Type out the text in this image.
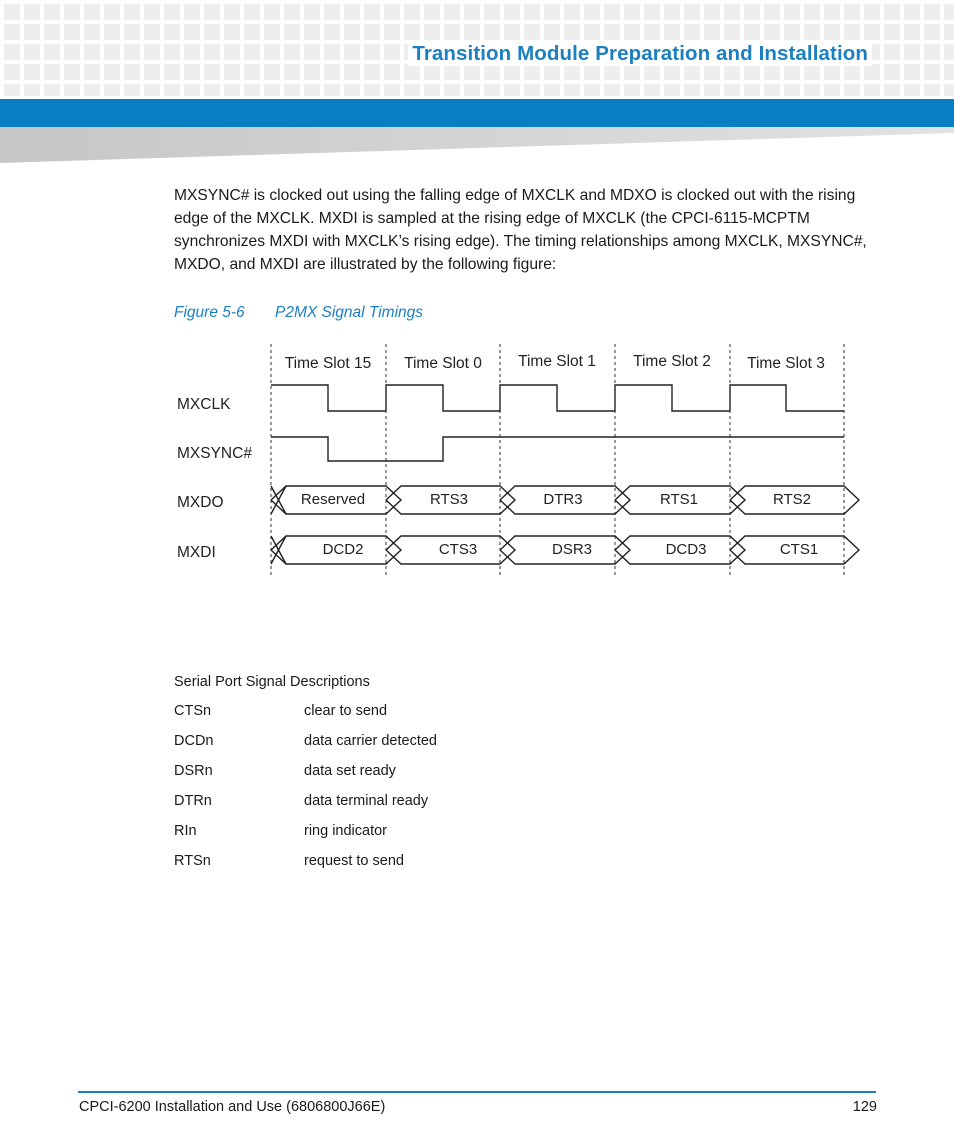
Transition Module Preparation and Installation
MXSYNC# is clocked out using the falling edge of MXCLK and MDXO is clocked out with the rising edge of the MXCLK. MXDI is sampled at the rising edge of MXCLK (the CPCI-6115-MCPTM synchronizes MXDI with MXCLK’s rising edge). The timing relationships among MXCLK, MXSYNC#, MXDO, and MXDI are illustrated by the following figure:
Figure 5-6 P2MX Signal Timings
Time Slot 15 Time Slot 0 Time Slot 1 Time Slot 2 Time Slot 3
MXCLK
MXSYNC#
MXDO
MXDI
Reserved	RTS3	DTR3	RTS1	RTS2
DCD2	CTS3	DSR3	DCD3	CTS1
Serial Port Signal Descriptions
CTSn	clear to send
DCDn	data carrier detected
DSRn	data set ready
DTRn	data terminal ready
RIn	ring indicator
RTSn	request to send
CPCI-6200 Installation and Use (6806800J66E)	129
